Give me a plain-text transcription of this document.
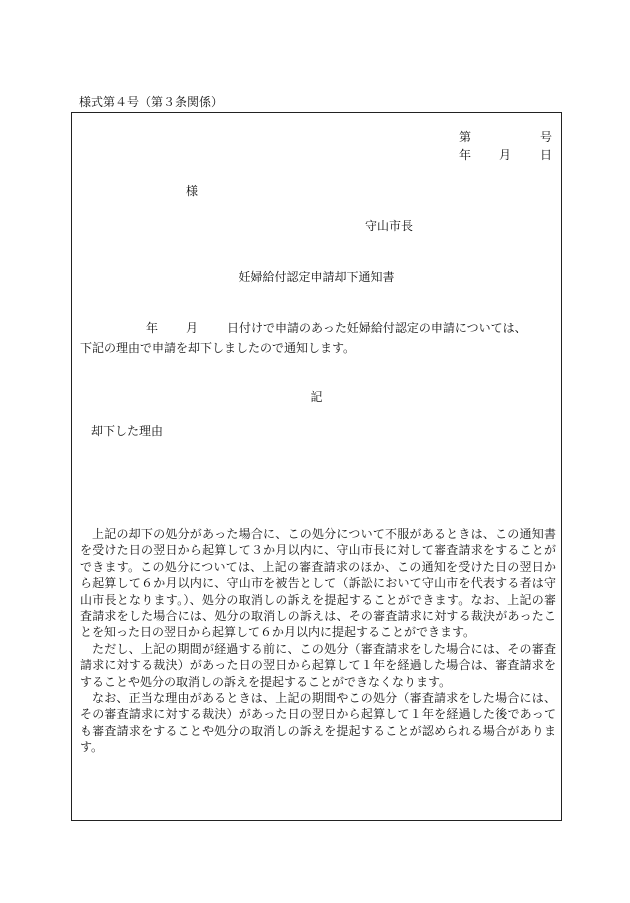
様式第４号（第３条関係）
第	号
年 月 日
様
守山市長
妊婦給付認定申請却下通知書
年 月 日付けで申請のあった妊婦給付認定の申請については、
下記の理由で申請を却下しましたので通知します。
記
却下した理由

上記の却下の処分があった場合に、この処分について不服があるときは、この通知書を受けた日の翌日から起算して３か月以内に、守山市長に対して審査請求をすることができます。この処分については、上記の審査請求のほか、この通知を受けた日の翌日から起算して６か月以内に、守山市を被告として（訴訟において守山市を代表する者は守山市長となります。）、処分の取消しの訴えを提起することができます。なお、上記の審査請求をした場合には、処分の取消しの訴えは、その審査請求に対する裁決があったことを知った日の翌日から起算して６か月以内に提起することができます。

ただし、上記の期間が経過する前に、この処分（審査請求をした場合には、その審査請求に対する裁決）があった日の翌日から起算して１年を経過した場合は、審査請求をすることや処分の取消しの訴えを提起することができなくなります。

なお、正当な理由があるときは、上記の期間やこの処分（審査請求をした場合には、その審査請求に対する裁決）があった日の翌日から起算して１年を経過した後であっても審査請求をすることや処分の取消しの訴えを提起することが認められる場合があります。
